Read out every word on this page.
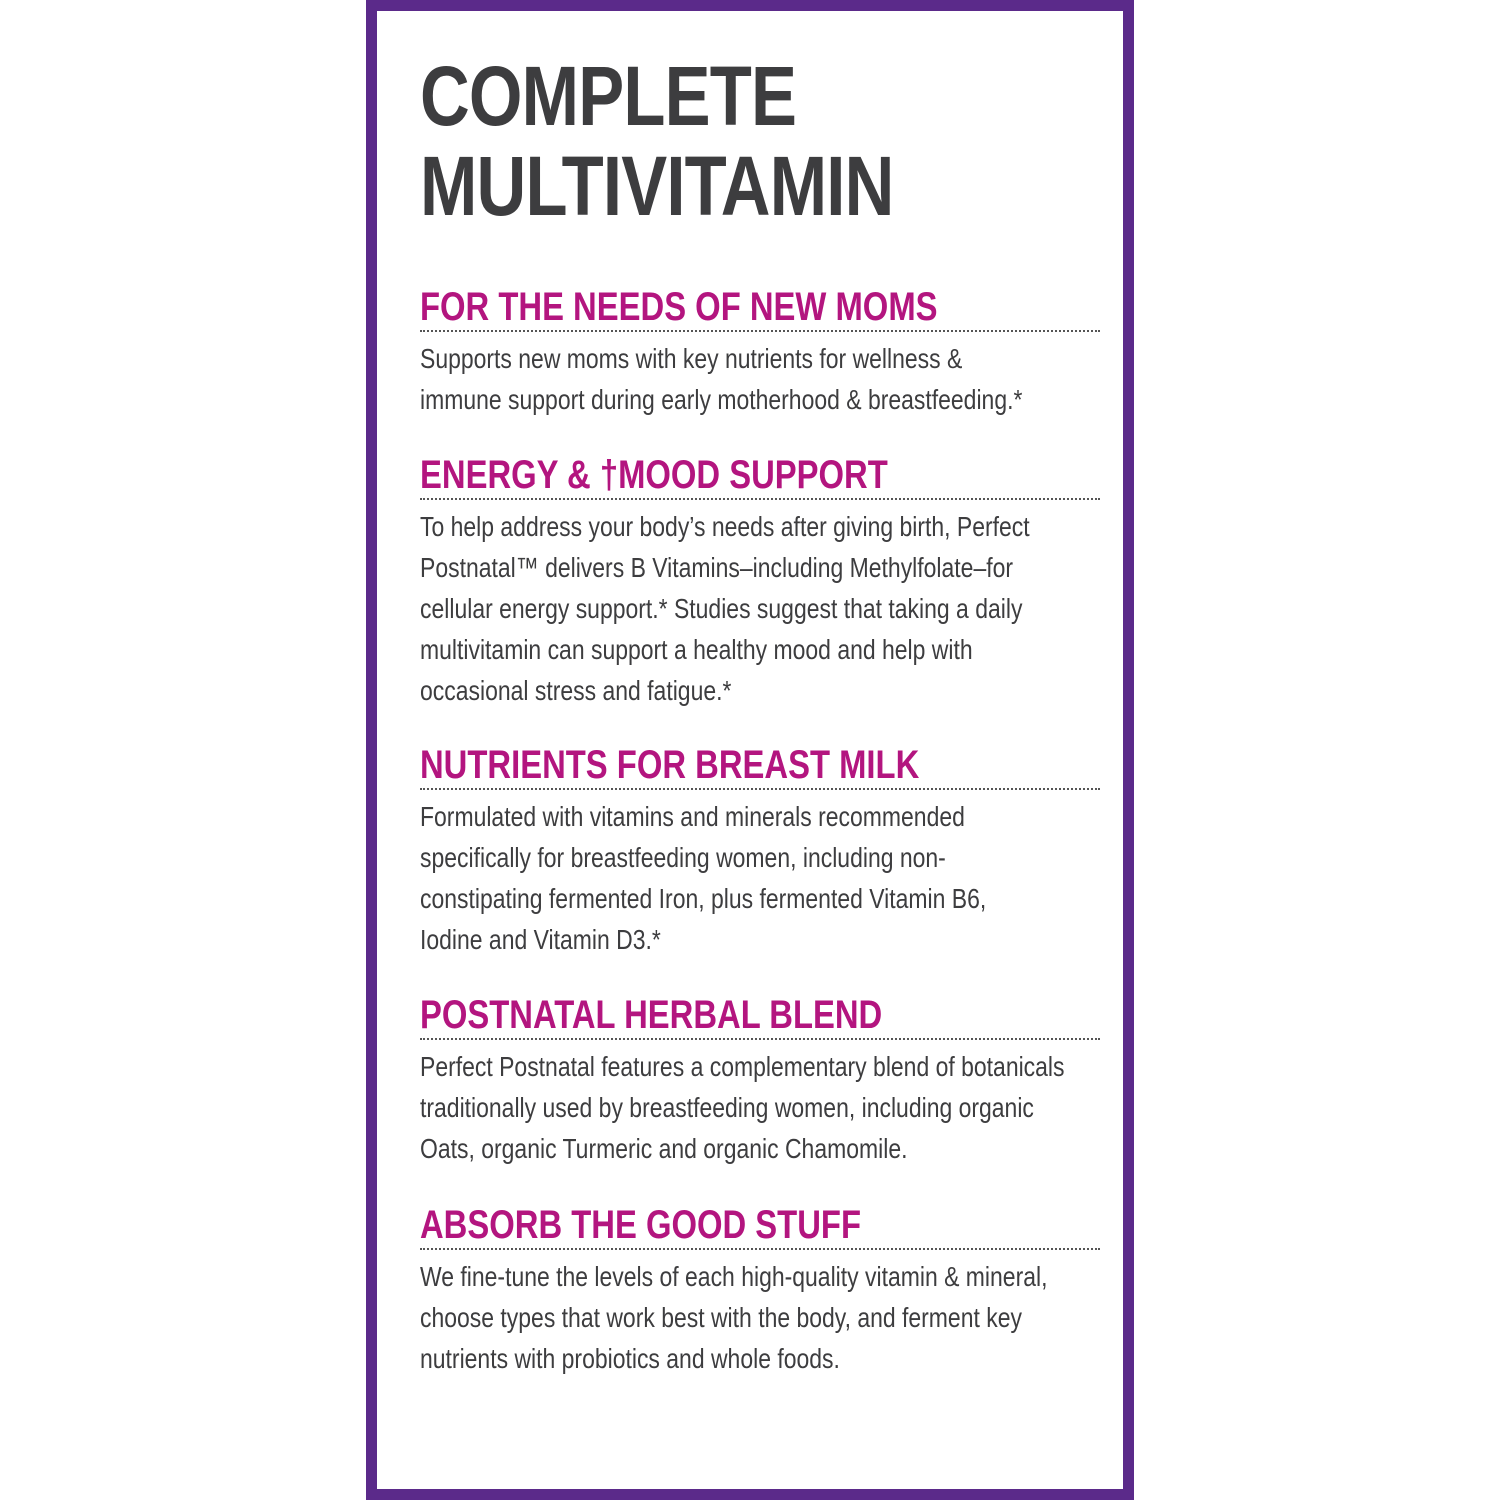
COMPLETE
MULTIVITAMIN
FOR THE NEEDS OF NEW MOMS
Supports new moms with key nutrients for wellness &
immune support during early motherhood & breastfeeding.*
ENERGY & †MOOD SUPPORT
To help address your body’s needs after giving birth, Perfect
Postnatal™ delivers B Vitamins–including Methylfolate–for
cellular energy support.* Studies suggest that taking a daily
multivitamin can support a healthy mood and help with
occasional stress and fatigue.*
NUTRIENTS FOR BREAST MILK
Formulated with vitamins and minerals recommended
specifically for breastfeeding women, including non-
constipating fermented Iron, plus fermented Vitamin B6,
Iodine and Vitamin D3.*
POSTNATAL HERBAL BLEND
Perfect Postnatal features a complementary blend of botanicals
traditionally used by breastfeeding women, including organic
Oats, organic Turmeric and organic Chamomile.
ABSORB THE GOOD STUFF
We fine-tune the levels of each high-quality vitamin & mineral,
choose types that work best with the body, and ferment key
nutrients with probiotics and whole foods.
